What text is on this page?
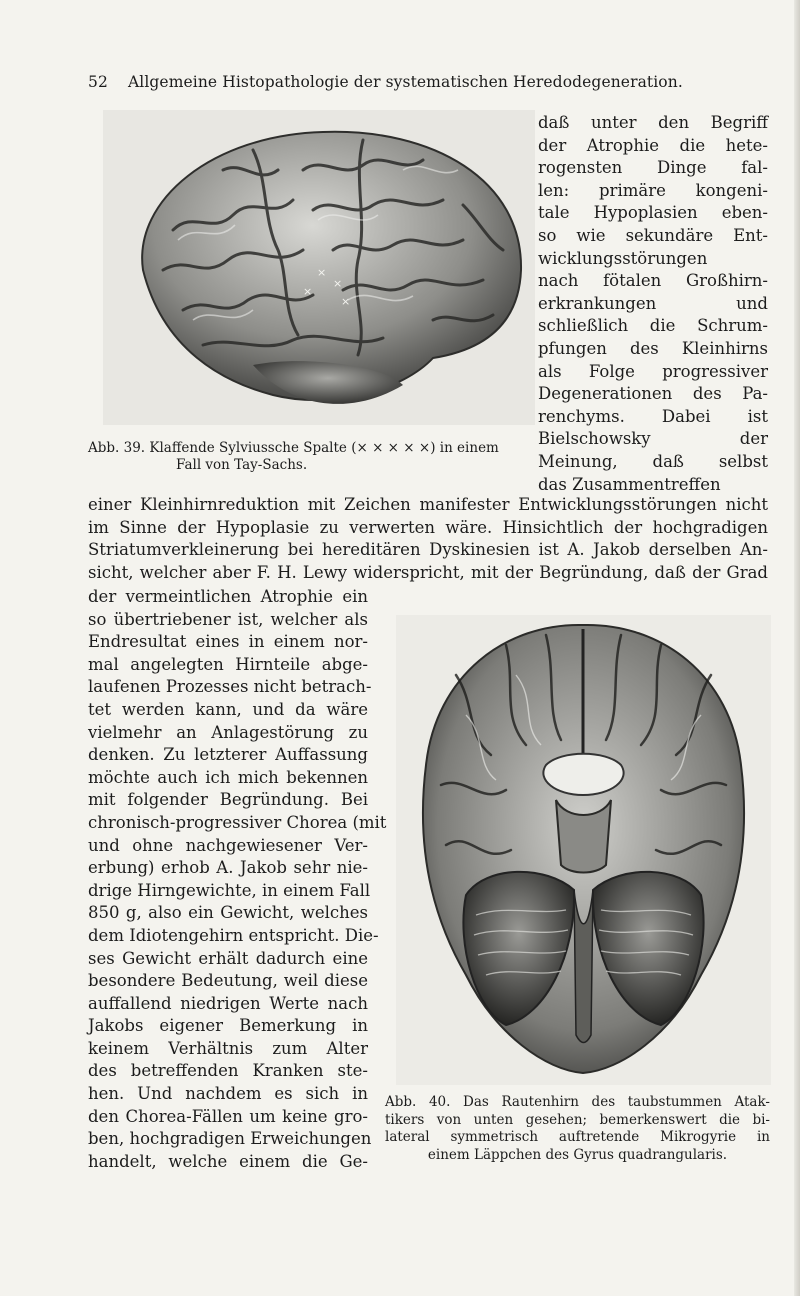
52 Allgemeine Histopathologie der systematischen Heredodegeneration.
×
×
×
×
daß unter den Begriff
der Atrophie die hete-
rogensten Dinge fal-
len: primäre kongeni-
tale Hypoplasien eben-
so wie sekundäre Ent-
wicklungsstörungen
nach fötalen Großhirn-
erkrankungen und
schließlich die Schrum-
pfungen des Kleinhirns
als Folge progressiver
Degenerationen des Pa-
renchyms. Dabei ist
Bielschowsky der
Meinung, daß selbst
das Zusammentreffen
Abb. 39. Klaffende Sylviussche Spalte (× × × × ×) in einem
Fall von Tay-Sachs.
einer Kleinhirnreduktion mit Zeichen manifester Entwicklungsstörungen nicht
im Sinne der Hypoplasie zu verwerten wäre. Hinsichtlich der hochgradigen
Striatumverkleinerung bei hereditären Dyskinesien ist A. Jakob derselben An-
sicht, welcher aber F. H. Lewy widerspricht, mit der Begründung, daß der Grad
der vermeintlichen Atrophie ein
so übertriebener ist, welcher als
Endresultat eines in einem nor-
mal angelegten Hirnteile abge-
laufenen Prozesses nicht betrach-
tet werden kann, und da wäre
vielmehr an Anlagestörung zu
denken. Zu letzterer Auffassung
möchte auch ich mich bekennen
mit folgender Begründung. Bei
chronisch-progressiver Chorea (mit
und ohne nachgewiesener Ver-
erbung) erhob A. Jakob sehr nie-
drige Hirngewichte, in einem Fall
850 g, also ein Gewicht, welches
dem Idiotengehirn entspricht. Die-
ses Gewicht erhält dadurch eine
besondere Bedeutung, weil diese
auffallend niedrigen Werte nach
Jakobs eigener Bemerkung in
keinem Verhältnis zum Alter
des betreffenden Kranken ste-
hen. Und nachdem es sich in
den Chorea-Fällen um keine gro-
ben, hochgradigen Erweichungen
handelt, welche einem die Ge-
Abb. 40. Das Rautenhirn des taubstummen Atak-
tikers von unten gesehen; bemerkenswert die bi-
lateral symmetrisch auftretende Mikrogyrie in
einem Läppchen des Gyrus quadrangularis.
